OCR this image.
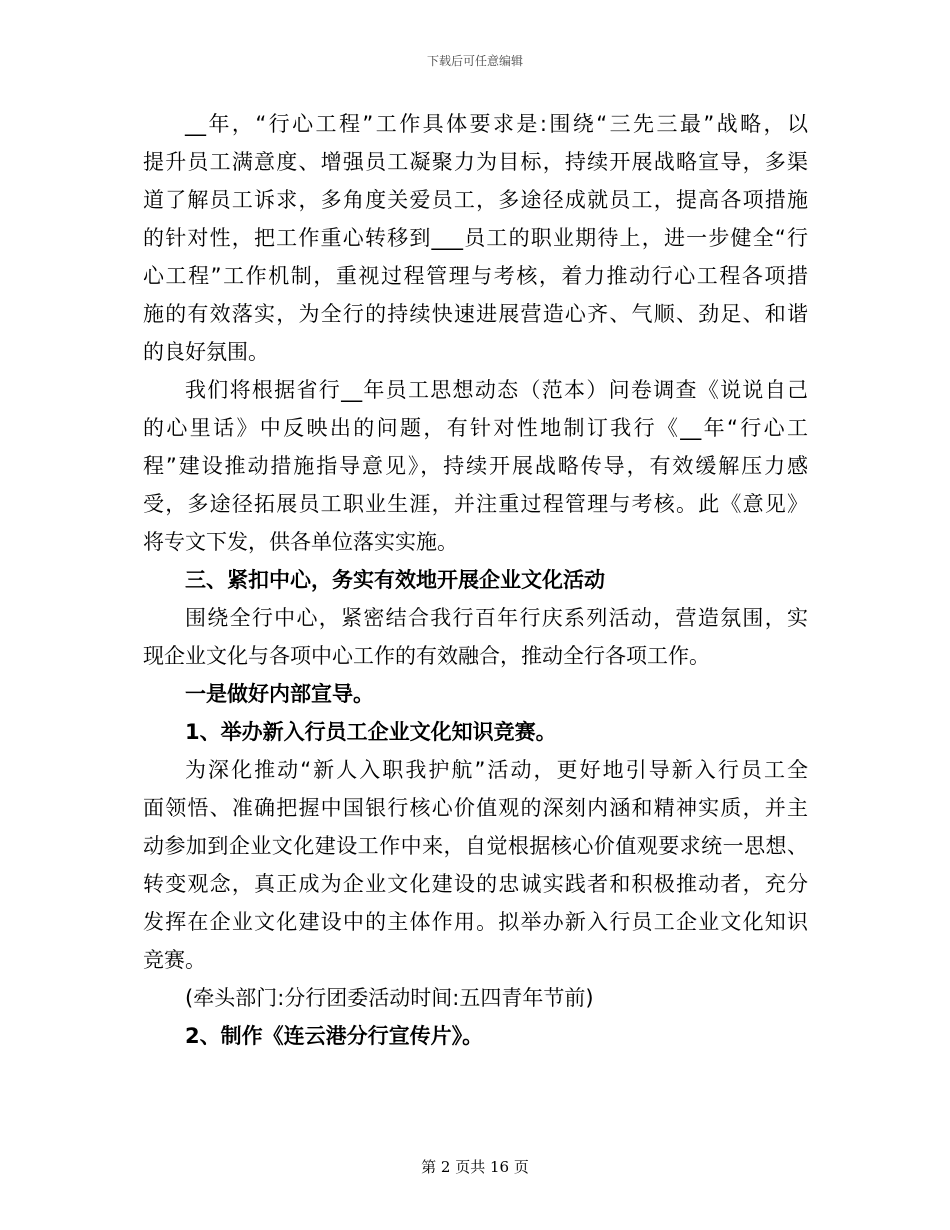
下载后可任意编辑
__年，“行心工程”工作具体要求是:围绕“三先三最”战略，以
提升员工满意度、增强员工凝聚力为目标，持续开展战略宣导，多渠
道了解员工诉求，多角度关爱员工，多途径成就员工，提高各项措施
的针对性，把工作重心转移到___员工的职业期待上，进一步健全“行
心工程”工作机制，重视过程管理与考核，着力推动行心工程各项措
施的有效落实，为全行的持续快速进展营造心齐、气顺、劲足、和谐
的良好氛围。
我们将根据省行__年员工思想动态（范本）问卷调查《说说自己
的心里话》中反映出的问题，有针对性地制订我行《__年“行心工
程”建设推动措施指导意见》，持续开展战略传导，有效缓解压力感
受，多途径拓展员工职业生涯，并注重过程管理与考核。此《意见》
将专文下发，供各单位落实实施。
三、紧扣中心，务实有效地开展企业文化活动
围绕全行中心，紧密结合我行百年行庆系列活动，营造氛围，实
现企业文化与各项中心工作的有效融合，推动全行各项工作。
一是做好内部宣导。
1、举办新入行员工企业文化知识竞赛。
为深化推动“新人入职我护航”活动，更好地引导新入行员工全
面领悟、准确把握中国银行核心价值观的深刻内涵和精神实质，并主
动参加到企业文化建设工作中来，自觉根据核心价值观要求统一思想、
转变观念，真正成为企业文化建设的忠诚实践者和积极推动者，充分
发挥在企业文化建设中的主体作用。拟举办新入行员工企业文化知识
竞赛。
(牵头部门:分行团委活动时间:五四青年节前)
2、制作《连云港分行宣传片》。
第 2 页共 16 页
